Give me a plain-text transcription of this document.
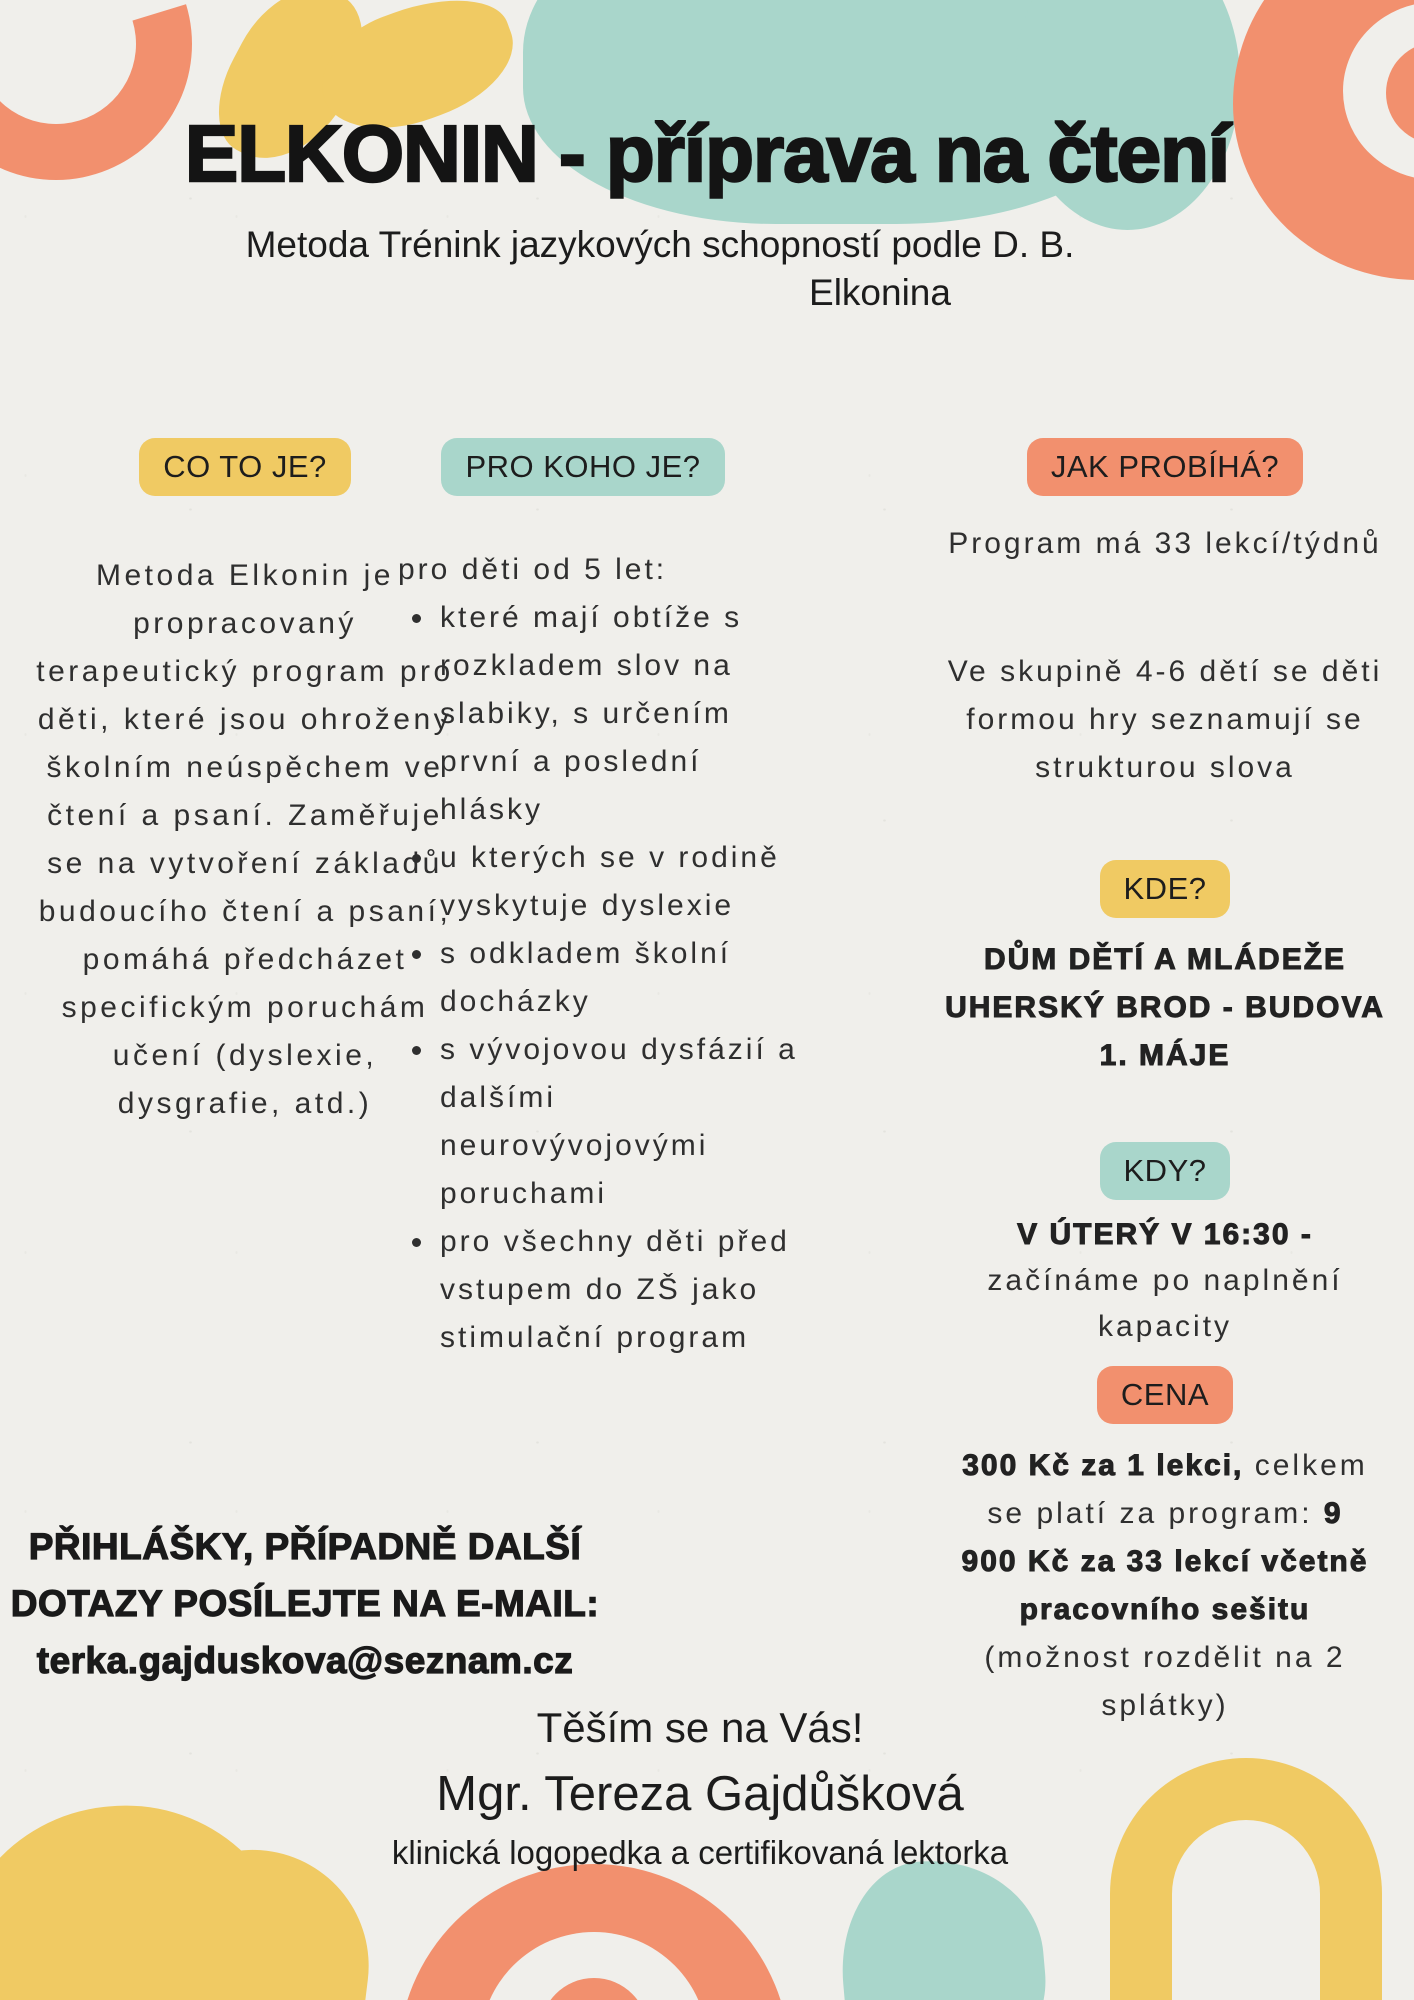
ELKONIN - příprava na čtení

Metoda Trénink jazykových schopností podle D. B.

Elkonina

CO TO JE?	PRO KOHO JE?	JAK PROBÍHÁ?

Metoda Elkonin je propracovaný terapeutický program pro děti, které jsou ohroženy školním neúspěchem ve čtení a psaní. Zaměřuje se na vytvoření základů budoucího čtení a psaní, pomáhá předcházet specifickým poruchám učení (dyslexie, dysgrafie, atd.)

pro děti od 5 let:

• které mají obtíže s rozkladem slov na slabiky, s určením první a poslední hlásky
• u kterých se v rodině vyskytuje dyslexie
• s odkladem školní docházky
• s vývojovou dysfázií a dalšími neurovývojovými poruchami
• pro všechny děti před vstupem do ZŠ jako stimulační program

Program má 33 lekcí/týdnů

Ve skupině 4-6 dětí se děti formou hry seznamují se strukturou slova

KDE?

DŮM DĚTÍ A MLÁDEŽE UHERSKÝ BROD - BUDOVA 1. MÁJE

KDY?

V ÚTERÝ V 16:30 - začínáme po naplnění kapacity

CENA

300 Kč za 1 lekci, celkem se platí za program: 9 900 Kč za 33 lekcí včetně pracovního sešitu (možnost rozdělit na 2 splátky)

PŘIHLÁŠKY, PŘÍPADNĚ DALŠÍ

DOTAZY POSÍLEJTE NA E-MAIL:

terka.gajduskova@seznam.cz

Těším se na Vás!

Mgr. Tereza Gajdůšková

klinická logopedka a certifikovaná lektorka
